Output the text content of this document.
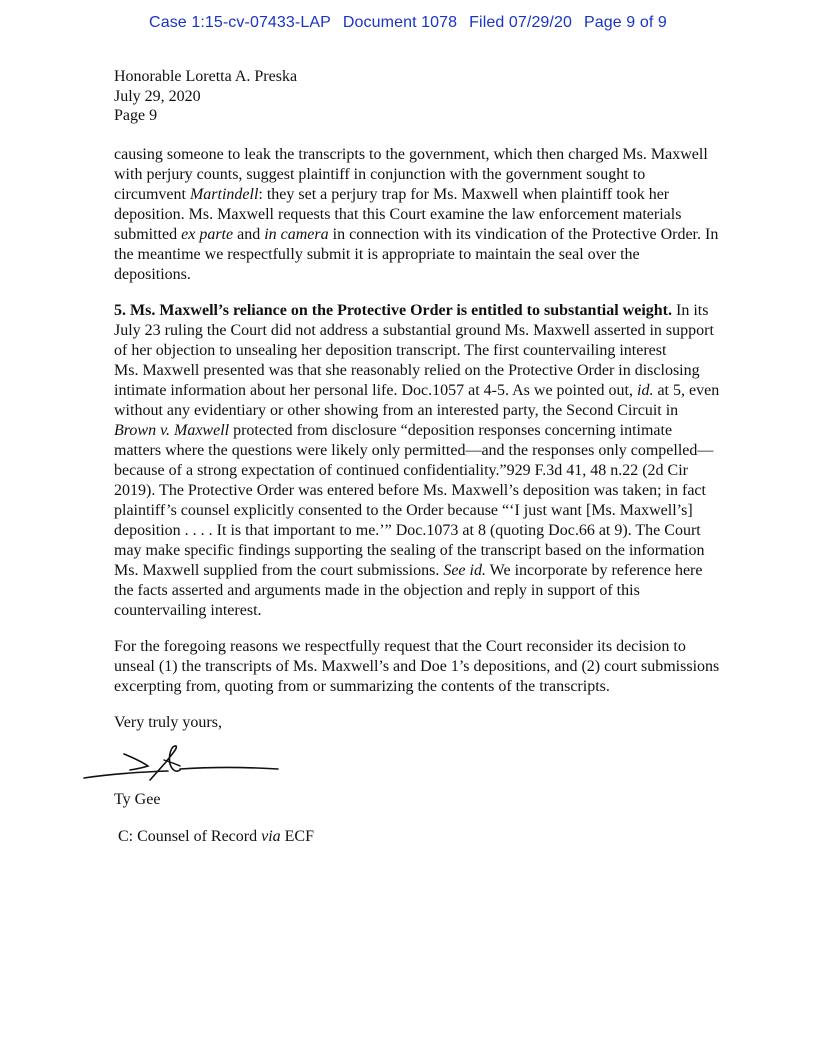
Case 1:15-cv-07433-LAP Document 1078 Filed 07/29/20 Page 9 of 9
Honorable Loretta A. Preska
July 29, 2020
Page 9
causing someone to leak the transcripts to the government, which then charged Ms. Maxwell
with perjury counts, suggest plaintiff in conjunction with the government sought to
circumvent Martindell: they set a perjury trap for Ms. Maxwell when plaintiff took her
deposition. Ms. Maxwell requests that this Court examine the law enforcement materials
submitted ex parte and in camera in connection with its vindication of the Protective Order. In
the meantime we respectfully submit it is appropriate to maintain the seal over the
depositions.
5. Ms. Maxwell’s reliance on the Protective Order is entitled to substantial weight. In its
July 23 ruling the Court did not address a substantial ground Ms. Maxwell asserted in support
of her objection to unsealing her deposition transcript. The first countervailing interest
Ms. Maxwell presented was that she reasonably relied on the Protective Order in disclosing
intimate information about her personal life. Doc.1057 at 4-5. As we pointed out, id. at 5, even
without any evidentiary or other showing from an interested party, the Second Circuit in
Brown v. Maxwell protected from disclosure “deposition responses concerning intimate
matters where the questions were likely only permitted—and the responses only compelled—
because of a strong expectation of continued confidentiality.”929 F.3d 41, 48 n.22 (2d Cir
2019). The Protective Order was entered before Ms. Maxwell’s deposition was taken; in fact
plaintiff’s counsel explicitly consented to the Order because “‘I just want [Ms. Maxwell’s]
deposition . . . . It is that important to me.’” Doc.1073 at 8 (quoting Doc.66 at 9). The Court
may make specific findings supporting the sealing of the transcript based on the information
Ms. Maxwell supplied from the court submissions. See id. We incorporate by reference here
the facts asserted and arguments made in the objection and reply in support of this
countervailing interest.
For the foregoing reasons we respectfully request that the Court reconsider its decision to
unseal (1) the transcripts of Ms. Maxwell’s and Doe 1’s depositions, and (2) court submissions
excerpting from, quoting from or summarizing the contents of the transcripts.
Very truly yours,
Ty Gee
C: Counsel of Record via ECF
